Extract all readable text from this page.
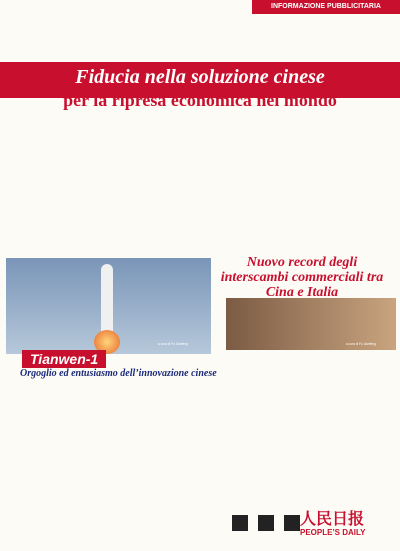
INFORMAZIONE PUBBLICITARIA
Fiducia nella soluzione cinese
per la ripresa economica nel mondo
a cura di Fu Jianfeng
Tianwen-1
Orgoglio ed entusiasmo dell’innovazione cinese
a cura di Fu Jianfeng
Nuovo record degli interscambi commerciali tra Cina e Italia
人民日报
PEOPLE’S DAILY
